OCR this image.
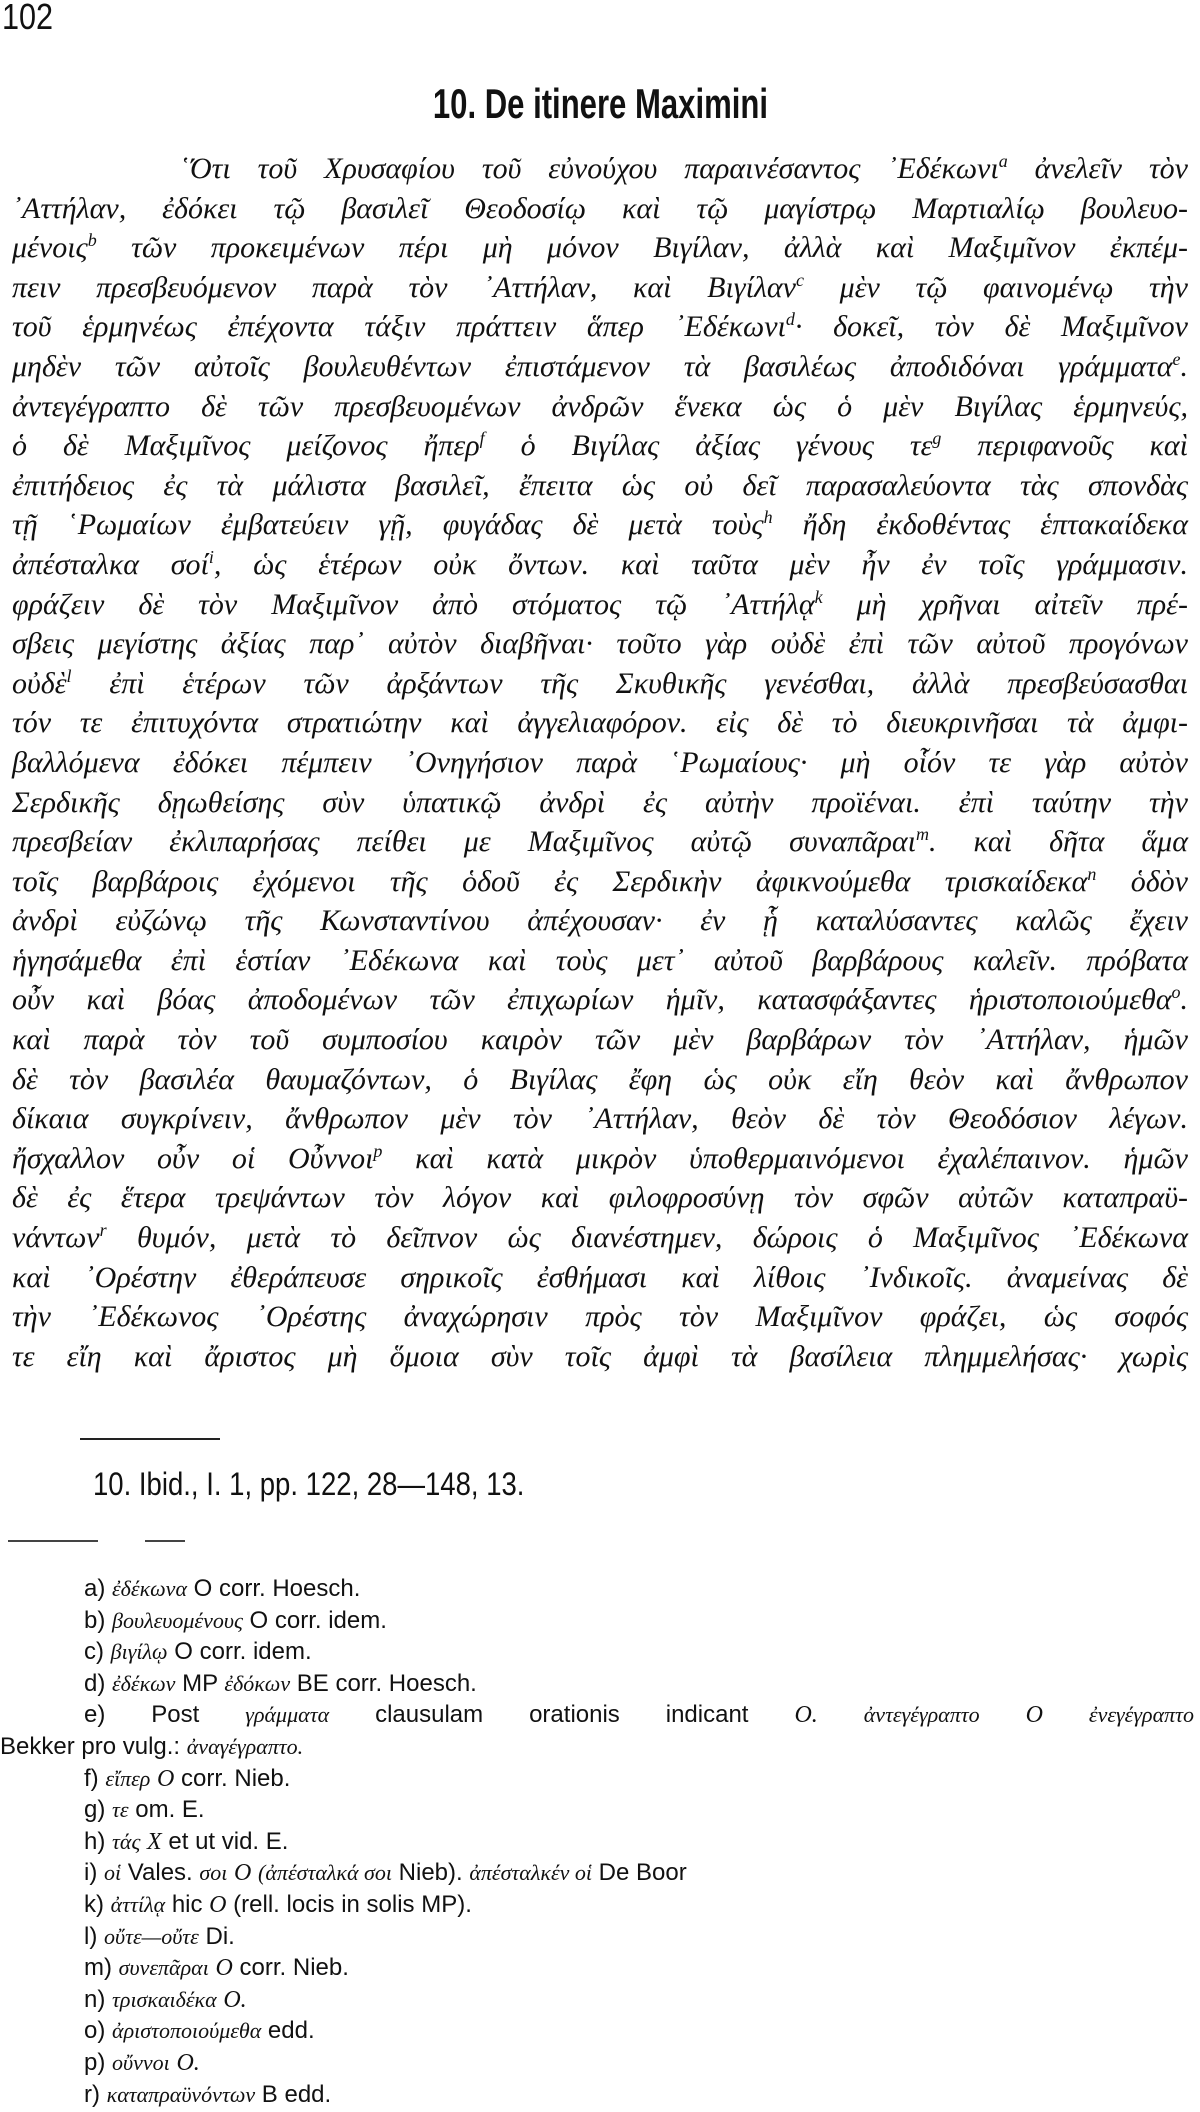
102
10. De itinere Maximini
῾Ότι τοῦ Χρυσαφίου τοῦ εὐνούχου παραινέσαντος ᾿Εδέκωνι$^a$ ἀνελεῖν τὸν
᾿Αττήλαν, ἐδόκει τῷ βασιλεῖ Θεοδοσίῳ καὶ τῷ μαγίστρῳ Μαρτιαλίῳ βουλευο-
μένοις$^b$ τῶν προκειμένων πέρι μὴ μόνον Βιγίλαν, ἀλλὰ καὶ Μαξιμῖνον ἐκπέμ-
πειν πρεσβευόμενον παρὰ τὸν ᾿Αττήλαν, καὶ Βιγίλαν$^c$ μὲν τῷ φαινομένῳ τὴν
τοῦ ἑρμηνέως ἐπέχοντα τάξιν πράττειν ἅπερ ᾿Εδέκωνι$^d$· δοκεῖ, τὸν δὲ Μαξιμῖνον
μηδὲν τῶν αὐτοῖς βουλευθέντων ἐπιστάμενον τὰ βασιλέως ἀποδιδόναι γράμματα$^e$.
ἀντεγέγραπτο δὲ τῶν πρεσβευομένων ἀνδρῶν ἕνεκα ὡς ὁ μὲν Βιγίλας ἑρμηνεύς,
ὁ δὲ Μαξιμῖνος μείζονος ἤπερ$^f$ ὁ Βιγίλας ἀξίας γένους $\tau\varepsilon^g$ περιφανοῦς καὶ
ἐπιτήδειος ἐς τὰ μάλιστα βασιλεῖ, ἔπειτα ὡς οὐ δεῖ παρασαλεύοντα τὰς σπονδὰς
τῇ ῾Ρωμαίων ἐμβατεύειν γῇ, φυγάδας δὲ μετὰ τοὺς$^h$ ἤδη ἐκδοθέντας ἑπτακαίδεκα
ἀπέσταλκα σοί$^i$, ὡς ἑτέρων οὐκ ὄντων. καὶ ταῦτα μὲν ἦν ἐν τοῖς γράμμασιν.
φράζειν δὲ τὸν Μαξιμῖνον ἀπὸ στόματος τῷ ᾿Αττήλᾳ$^k$ μὴ χρῆναι αἰτεῖν πρέ-
σβεις μεγίστης ἀξίας παρ᾿ αὐτὸν διαβῆναι· τοῦτο γὰρ οὐδὲ ἐπὶ τῶν αὐτοῦ προγόνων
οὐδὲ$^l$ ἐπὶ ἑτέρων τῶν ἀρξάντων τῆς Σκυθικῆς γενέσθαι, ἀλλὰ πρεσβεύσασθαι
τόν τε ἐπιτυχόντα στρατιώτην καὶ ἀγγελιαφόρον. εἰς δὲ τὸ διευκρινῆσαι τὰ ἀμφι-
βαλλόμενα ἐδόκει πέμπειν ᾿Ονηγήσιον παρὰ ῾Ρωμαίους· μὴ οἷόν τε γὰρ αὐτὸν
Σερδικῆς δῃωθείσης σὺν ὑπατικῷ ἀνδρὶ ἐς αὐτὴν προϊέναι. ἐπὶ ταύτην τὴν
πρεσβείαν ἐκλιπαρήσας πείθει με Μαξιμῖνος αὐτῷ συναπᾶραι$^m$. καὶ δῆτα ἅμα
τοῖς βαρβάροις ἐχόμενοι τῆς ὁδοῦ ἐς Σερδικὴν ἀφικνούμεθα τρισκαίδεκα$^n$ ὁδὸν
ἀνδρὶ εὐζώνῳ τῆς Κωνσταντίνου ἀπέχουσαν· ἐν ᾗ καταλύσαντες καλῶς ἔχειν
ἡγησάμεθα ἐπὶ ἑστίαν ᾿Εδέκωνα καὶ τοὺς μετ᾿ αὐτοῦ βαρβάρους καλεῖν. πρόβατα
οὖν καὶ βόας ἀποδομένων τῶν ἐπιχωρίων ἡμῖν, κατασφάξαντες ἡριστοποιούμεθα$^o$.
καὶ παρὰ τὸν τοῦ συμποσίου καιρὸν τῶν μὲν βαρβάρων τὸν ᾿Αττήλαν, ἡμῶν
δὲ τὸν βασιλέα θαυμαζόντων, ὁ Βιγίλας ἔφη ὡς οὐκ εἴη θεὸν καὶ ἄνθρωπον
δίκαια συγκρίνειν, ἄνθρωπον μὲν τὸν ᾿Αττήλαν, θεὸν δὲ τὸν Θεοδόσιον λέγων.
ἤσχαλλον οὖν οἱ Οὖννοι$^p$ καὶ κατὰ μικρὸν ὑποθερμαινόμενοι ἐχαλέπαινον. ἡμῶν
δὲ ἐς ἕτερα τρεψάντων τὸν λόγον καὶ φιλοφροσύνῃ τὸν σφῶν αὐτῶν καταπραϋ-
νάντων$^r$ θυμόν, μετὰ τὸ δεῖπνον ὡς διανέστημεν, δώροις ὁ Μαξιμῖνος ᾿Εδέκωνα
καὶ ᾿Ορέστην ἐθεράπευσε σηρικοῖς ἐσθήμασι καὶ λίθοις ᾿Ινδικοῖς. ἀναμείνας δὲ
τὴν ᾿Εδέκωνος ᾿Ορέστης ἀναχώρησιν πρὸς τὸν Μαξιμῖνον φράζει, ὡς σοφός
τε εἴη καὶ ἄριστος μὴ ὅμοια σὺν τοῖς ἀμφὶ τὰ βασίλεια πλημμελήσας· χωρὶς
10. Ibid., I. 1, pp. 122, 28—148, 13.
a) ἐδέκωνα O corr. Hoesch.
b) βουλευομένους O corr. idem.
c) βιγίλῳ O corr. idem.
d) ἐδέκων MP ἐδόκων BE corr. Hoesch.
e) Post γράμματα clausulam orationis indicant O. ἀντεγέγραπτο O ἐνεγέγραπτο
Bekker pro vulg.: ἀναγέγραπτο.
f) εἴπερ O corr. Nieb.
g) τε om. E.
h) τάς X et ut vid. E.
i) οἱ Vales. σοι O (ἀπέσταλκά σοι Nieb). ἀπέσταλκέν οἱ De Boor
k) ἀττίλᾳ hic O (rell. locis in solis MP).
l) οὔτε—οὔτε Di.
m) συνεπᾶραι O corr. Nieb.
n) τρισκαιδέκα O.
o) ἀριστοποιούμεθα edd.
p) οὔννοι O.
r) καταπραϋνόντων B edd.
